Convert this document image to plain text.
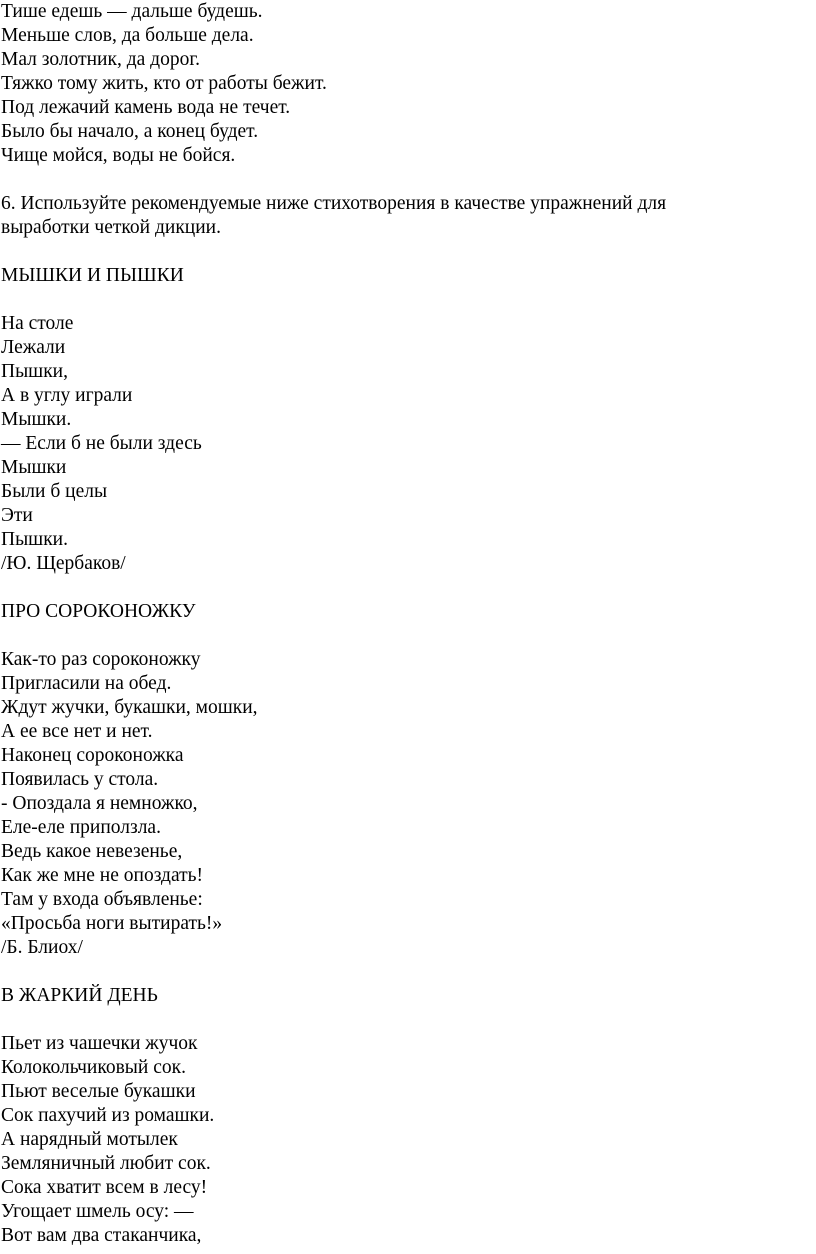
Тише едешь — дальше будешь.
Меньше слов, да больше дела.
Мал золотник, да дорог.
Тяжко тому жить, кто от работы бежит.
Под лежачий камень вода не течет.
Было бы начало, а конец будет.
Чище мойся, воды не бойся.
6. Используйте рекомендуемые ниже стихотворения в качестве упражнений для
выработки четкой дикции.
МЫШКИ И ПЫШКИ
На столе
Лежали
Пышки,
А в углу играли
Мышки.
— Если б не были здесь
Мышки
Были б целы
Эти
Пышки.
/Ю. Щербаков/
ПРО СОРОКОНОЖКУ
Как-то раз сороконожку
Пригласили на обед.
Ждут жучки, букашки, мошки,
А ее все нет и нет.
Наконец сороконожка
Появилась у стола.
- Опоздала я немножко,
Еле-еле приползла.
Ведь какое невезенье,
Как же мне не опоздать!
Там у входа объявленье:
«Просьба ноги вытирать!»
/Б. Блиох/
В ЖАРКИЙ ДЕНЬ
Пьет из чашечки жучок
Колокольчиковый сок.
Пьют веселые букашки
Сок пахучий из ромашки.
А нарядный мотылек
Земляничный любит сок.
Сока хватит всем в лесу!
Угощает шмель осу: —
Вот вам два стаканчика,
